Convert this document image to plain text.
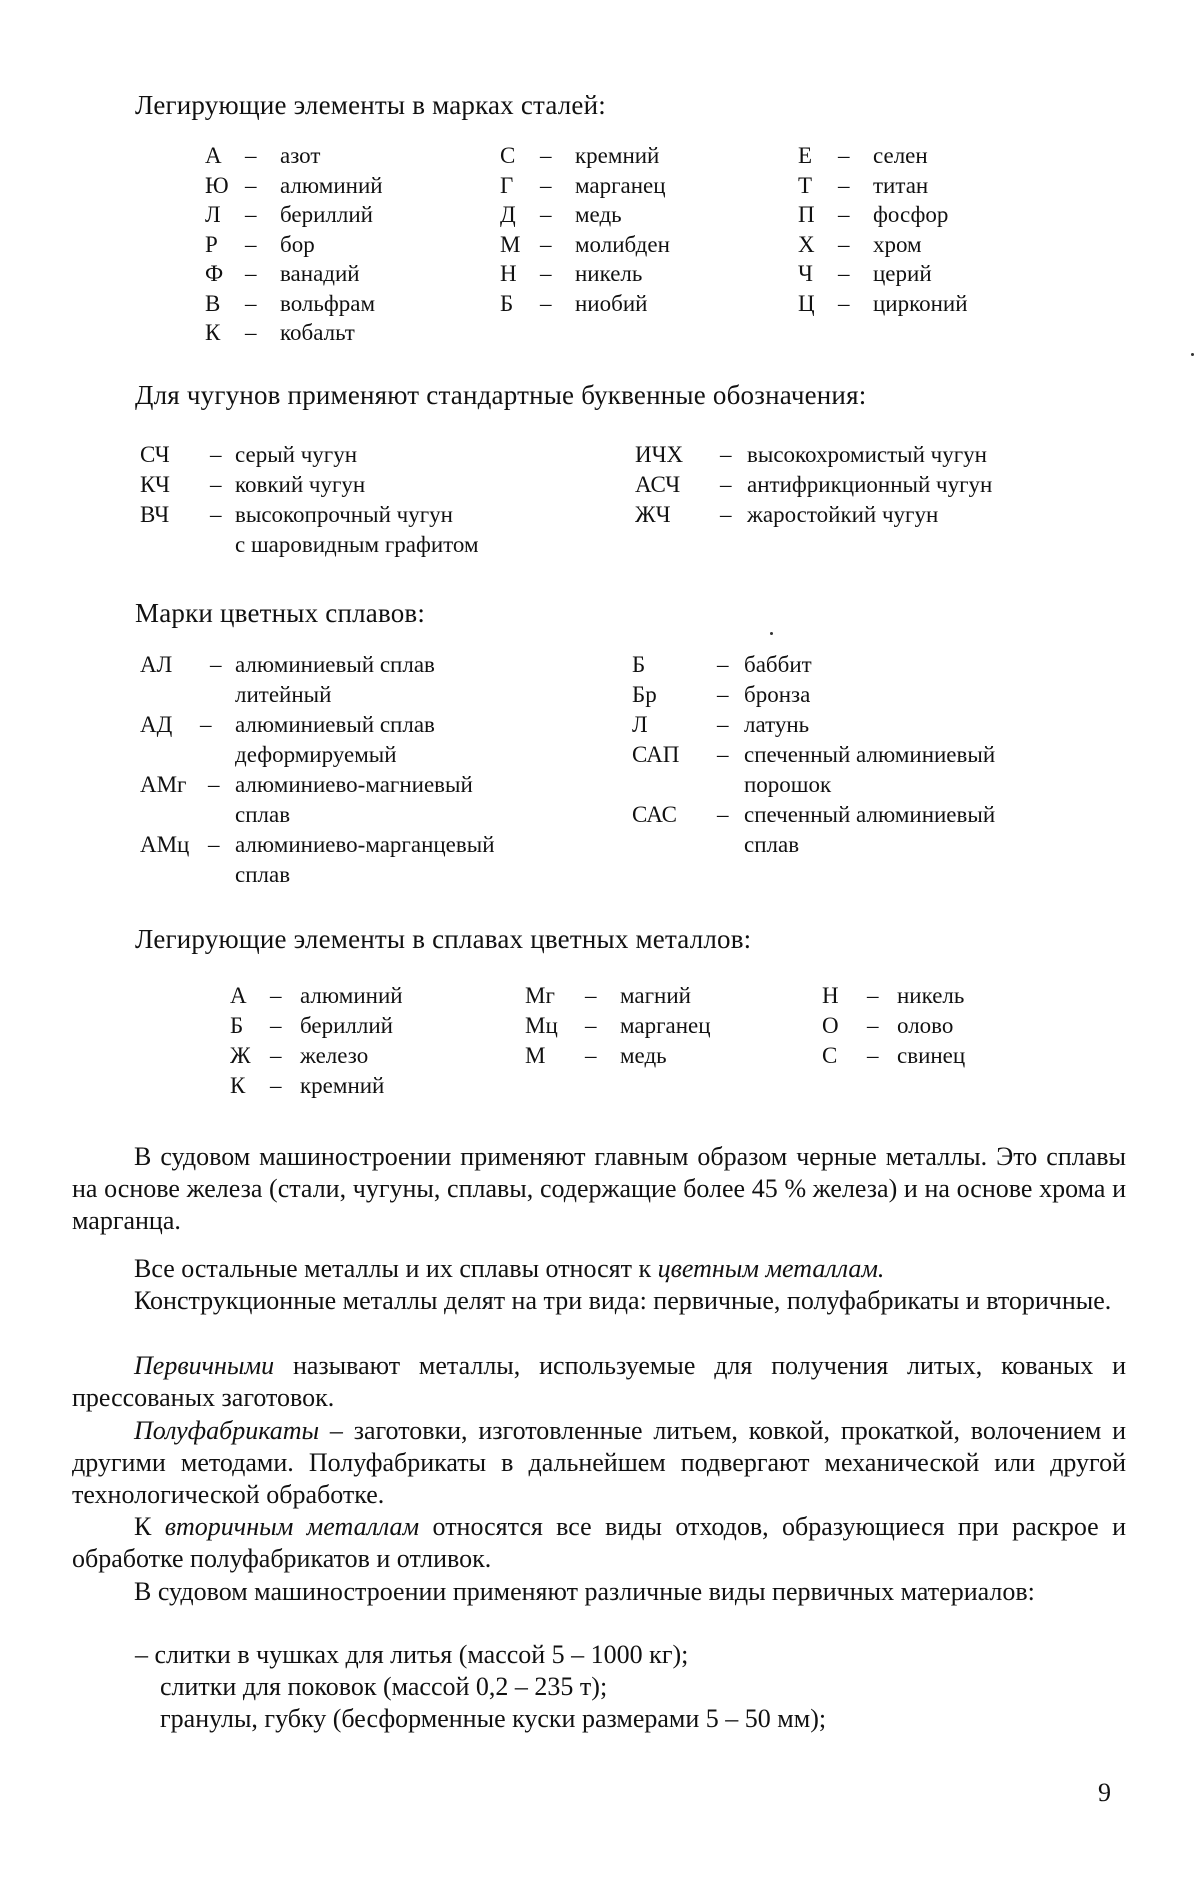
Легирующие элементы в марках сталей:
А – азот
Ю – алюминий
Л – бериллий
Р – бор
Ф – ванадий
В – вольфрам
К – кобальт
С – кремний
Г – марганец
Д – медь
М – молибден
Н – никель
Б – ниобий
Е – селен
Т – титан
П – фосфор
Х – хром
Ч – церий
Ц – цирконий
Для чугунов применяют стандартные буквенные обозначения:
СЧ – серый чугун
КЧ – ковкий чугун
ВЧ – высокопрочный чугун
с шаровидным графитом
ИЧХ – высокохромистый чугун
АСЧ – антифрикционный чугун
ЖЧ – жаростойкий чугун
Марки цветных сплавов:
АЛ – алюминиевый сплав
литейный
АД – алюминиевый сплав
деформируемый
АМг – алюминиево-магниевый
сплав
АМц – алюминиево-марганцевый
сплав
Б	– баббит
Бр	– бронза
Л	– латунь
САП – спеченный алюминиевый
порошок
САС – спеченный алюминиевый
сплав
Легирующие элементы в сплавах цветных металлов:
А – алюминий
Б – бериллий
Ж – железо
К – кремний
Мг – магний
Мц – марганец
М – медь
Н – никель
О – олово
С – свинец
В судовом машиностроении применяют главным образом черные металлы. Это сплавы на основе железа (стали, чугуны, сплавы, содержащие более 45 % железа) и на основе хрома и марганца.
Все остальные металлы и их сплавы относят к цветным металлам.
Конструкционные металлы делят на три вида: первичные, полуфабрикаты и вторичные.
Первичными называют металлы, используемые для получения литых, кованых и прессованых заготовок.
Полуфабрикаты – заготовки, изготовленные литьем, ковкой, прокаткой, волочением и другими методами. Полуфабрикаты в дальнейшем подвергают механической или другой технологической обработке.
К вторичным металлам относятся все виды отходов, образующиеся при раскрое и обработке полуфабрикатов и отливок.
В судовом машиностроении применяют различные виды первичных материалов:
– слитки в чушках для литья (массой 5 – 1000 кг);
слитки для поковок (массой 0,2 – 235 т);
гранулы, губку (бесформенные куски размерами 5 – 50 мм);
9
